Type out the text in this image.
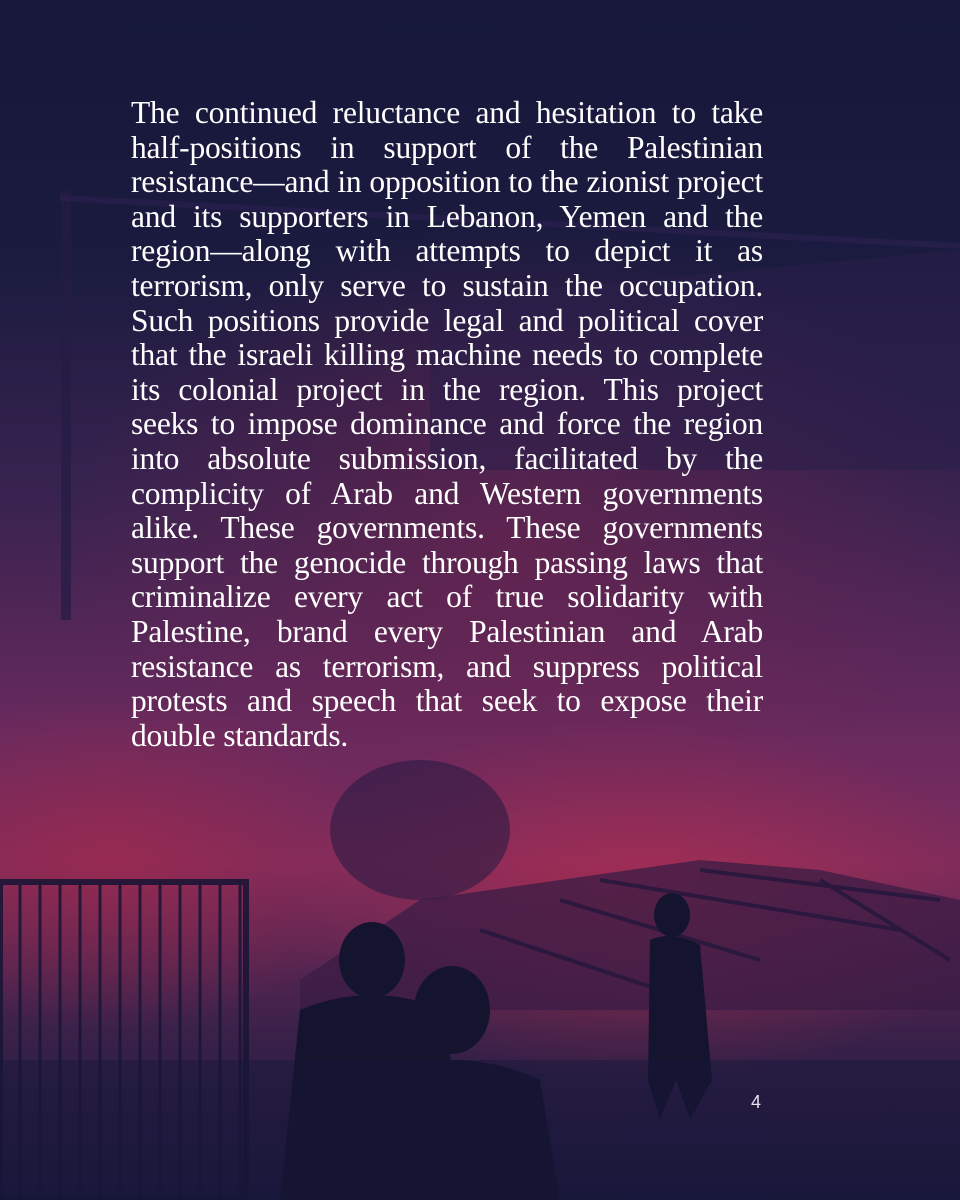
The continued reluctance and hesitation to take half-positions in support of the Palestinian resistance—and in opposition to the zionist project and its supporters in Lebanon, Yemen and the region—along with attempts to depict it as terrorism, only serve to sustain the occupation. Such positions provide legal and political cover that the israeli killing machine needs to complete its colonial project in the region. This project seeks to impose dominance and force the region into absolute submission, facilitated by the complicity of Arab and Western governments alike. These governments. These governments support the genocide through passing laws that criminalize every act of true solidarity with Palestine, brand every Palestinian and Arab resistance as terrorism, and suppress political protests and speech that seek to expose their double standards.

4
